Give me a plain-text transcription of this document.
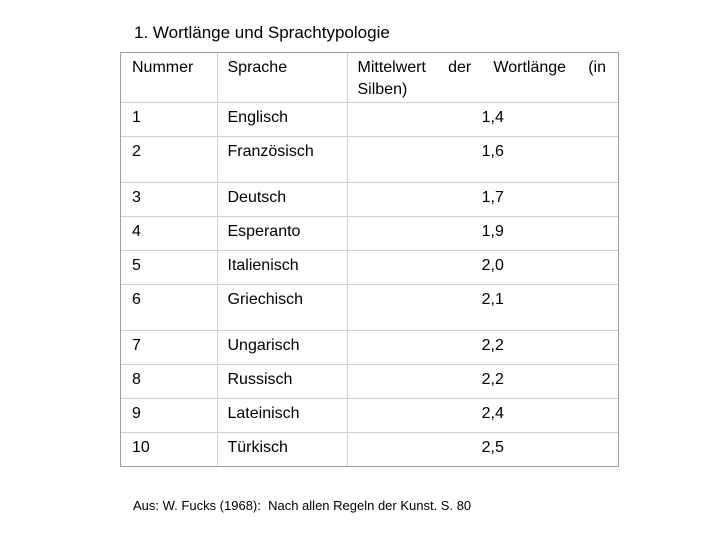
1. Wortlänge und Sprachtypologie
Nummer	Sprache	Mittelwert der Wortlänge (in Silben)

1	Englisch	1,4

2	Französisch	1,6

3	Deutsch	1,7

4	Esperanto	1,9

5	Italienisch	2,0

6	Griechisch	2,1

7	Ungarisch	2,2

8	Russisch	2,2

9	Lateinisch	2,4

10	Türkisch	2,5
Aus: W. Fucks (1968):  Nach allen Regeln der Kunst. S. 80
